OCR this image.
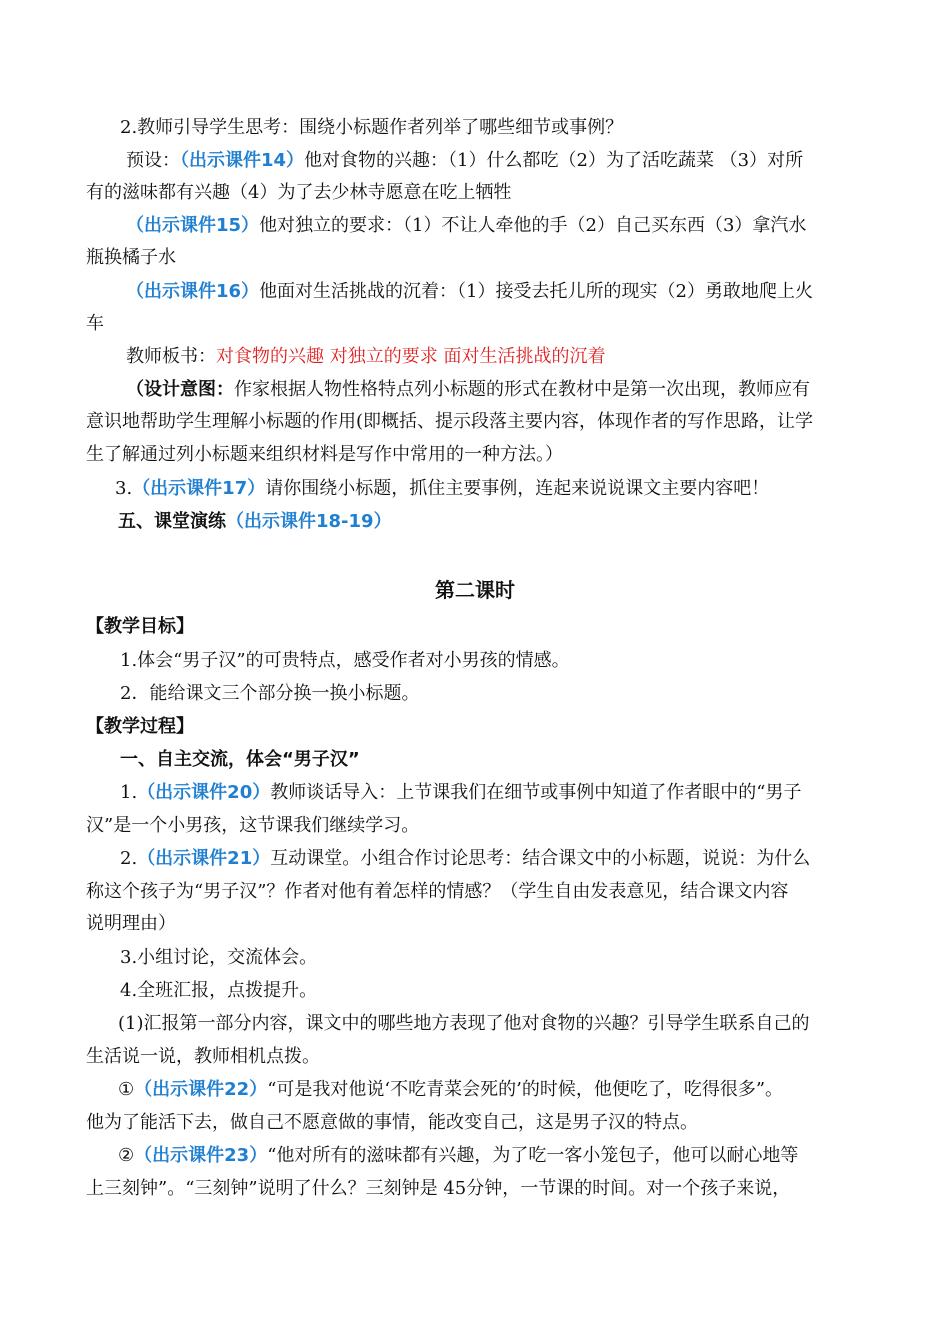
2.教师引导学生思考：围绕小标题作者列举了哪些细节或事例？
预设：（出示课件14）他对食物的兴趣：（1）什么都吃（2）为了活吃蔬菜 （3）对所
有的滋味都有兴趣（4）为了去少林寺愿意在吃上牺牲
（出示课件15）他对独立的要求：（1）不让人牵他的手（2）自己买东西（3）拿汽水
瓶换橘子水
（出示课件16）他面对生活挑战的沉着：（1）接受去托儿所的现实（2）勇敢地爬上火
车
教师板书：对食物的兴趣 对独立的要求 面对生活挑战的沉着
（设计意图：作家根据人物性格特点列小标题的形式在教材中是第一次出现，教师应有
意识地帮助学生理解小标题的作用(即概括、提示段落主要内容，体现作者的写作思路，让学
生了解通过列小标题来组织材料是写作中常用的一种方法。）
3.（出示课件17）请你围绕小标题，抓住主要事例，连起来说说课文主要内容吧！
五、课堂演练（出示课件18-19）
第二课时
【教学目标】
1.体会“男子汉”的可贵特点，感受作者对小男孩的情感。
2．能给课文三个部分换一换小标题。
【教学过程】
一、自主交流，体会“男子汉”
1.（出示课件20）教师谈话导入：上节课我们在细节或事例中知道了作者眼中的“男子
汉”是一个小男孩，这节课我们继续学习。
2.（出示课件21）互动课堂。小组合作讨论思考：结合课文中的小标题，说说：为什么
称这个孩子为“男子汉”？作者对他有着怎样的情感？（学生自由发表意见，结合课文内容
说明理由）
3.小组讨论，交流体会。
4.全班汇报，点拨提升。
(1)汇报第一部分内容，课文中的哪些地方表现了他对食物的兴趣？引导学生联系自己的
生活说一说，教师相机点拨。
①（出示课件22）“可是我对他说‘不吃青菜会死的’的时候，他便吃了，吃得很多”。
他为了能活下去，做自己不愿意做的事情，能改变自己，这是男子汉的特点。
②（出示课件23）“他对所有的滋味都有兴趣，为了吃一客小笼包子，他可以耐心地等
上三刻钟”。“三刻钟”说明了什么？三刻钟是 45分钟，一节课的时间。对一个孩子来说，
